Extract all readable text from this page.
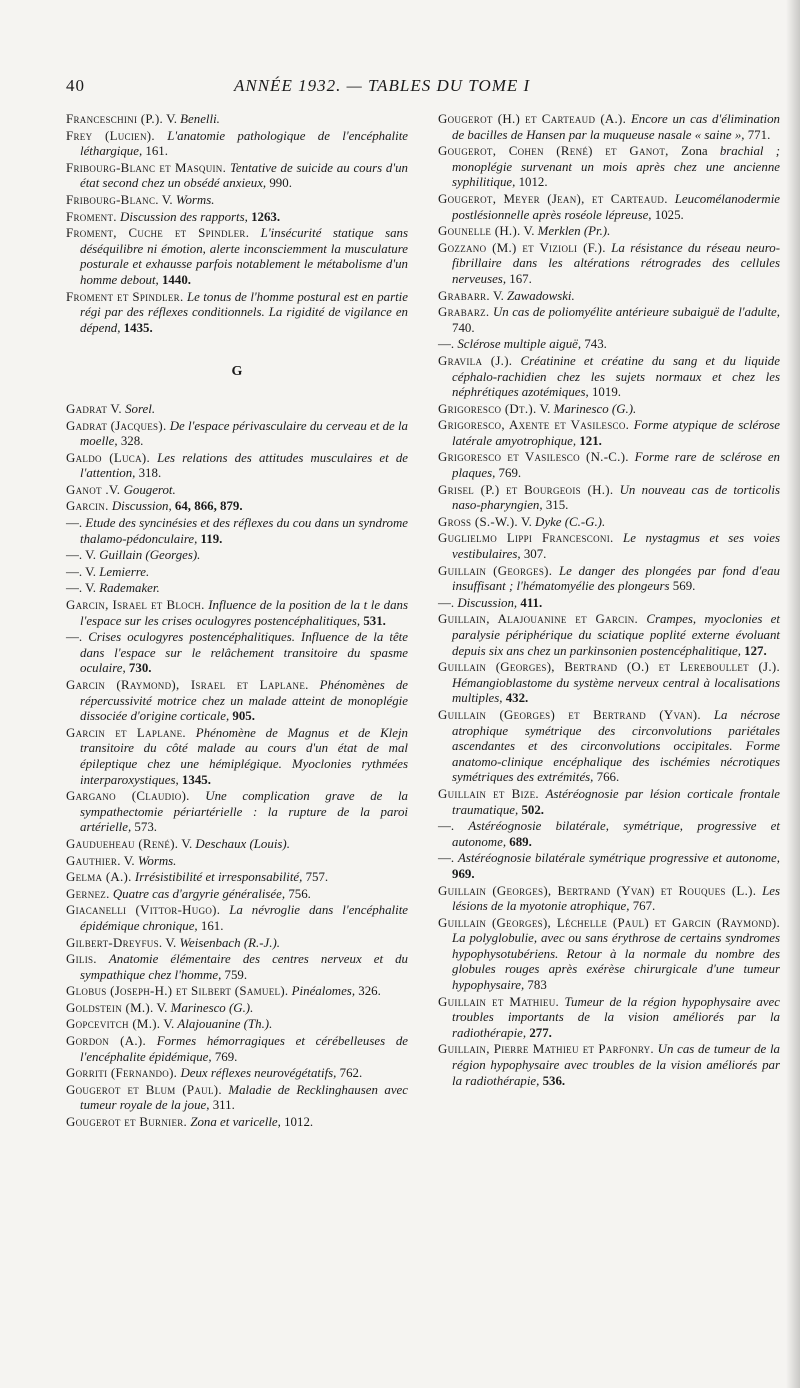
40	ANNÉE 1932. — TABLES DU TOME I

Franceschini (P.). V. Benelli.

Frey (Lucien). L'anatomie pathologique de l'encéphalite léthargique, 161.

Fribourg-Blanc et Masquin. Tentative de suicide au cours d'un état second chez un obsédé anxieux, 990.

Fribourg-Blanc. V. Worms.

Froment. Discussion des rapports, 1263.

Froment, Cuche et Spindler. L'insécurité statique sans déséquilibre ni émotion, alerte inconsciemment la musculature posturale et exhausse parfois notablement le métabolisme d'un homme debout, 1440.

Froment et Spindler. Le tonus de l'homme postural est en partie régi par des réflexes conditionnels. La rigidité de vigilance en dépend, 1435.

G

Gadrat V. Sorel.

Gadrat (Jacques). De l'espace périvasculaire du cerveau et de la moelle, 328.

Galdo (Luca). Les relations des attitudes musculaires et de l'attention, 318.

Ganot .V. Gougerot.

Garcin. Discussion, 64, 866, 879.

—. Etude des syncinésies et des réflexes du cou dans un syndrome thalamo-pédonculaire, 119.

—. V. Guillain (Georges).

—. V. Lemierre.

—. V. Rademaker.

Garcin, Israel et Bloch. Influence de la position de la t le dans l'espace sur les crises oculogyres postencéphalitiques, 531.

—. Crises oculogyres postencéphalitiques. Influence de la tête dans l'espace sur le relâchement transitoire du spasme oculaire, 730.

Garcin (Raymond), Israel et Laplane. Phénomènes de répercussivité motrice chez un malade atteint de monoplégie dissociée d'origine corticale, 905.

Garcin et Laplane. Phénomène de Magnus et de Klejn transitoire du côté malade au cours d'un état de mal épileptique chez une hémiplégique. Myoclonies rythmées interparoxystiques, 1345.

Gargano (Claudio). Une complication grave de la sympathectomie périartérielle : la rupture de la paroi artérielle, 573.

Gaudueheau (René). V. Deschaux (Louis).

Gauthier. V. Worms.

Gelma (A.). Irrésistibilité et irresponsabilité, 757.

Gernez. Quatre cas d'argyrie généralisée, 756.

Giacanelli (Vittor-Hugo). La névroglie dans l'encéphalite épidémique chronique, 161.

Gilbert-Dreyfus. V. Weisenbach (R.-J.).

Gilis. Anatomie élémentaire des centres nerveux et du sympathique chez l'homme, 759.

Globus (Joseph-H.) et Silbert (Samuel). Pinéalomes, 326.

Goldstein (M.). V. Marinesco (G.).

Gopcevitch (M.). V. Alajouanine (Th.).

Gordon (A.). Formes hémorragiques et cérébelleuses de l'encéphalite épidémique, 769.

Gorriti (Fernando). Deux réflexes neurovégétatifs, 762.

Gougerot et Blum (Paul). Maladie de Recklinghausen avec tumeur royale de la joue, 311.

Gougerot et Burnier. Zona et varicelle, 1012.

Gougerot (H.) et Carteaud (A.). Encore un cas d'élimination de bacilles de Hansen par la muqueuse nasale « saine », 771.

Gougerot, Cohen (René) et Ganot, Zona brachial ; monoplégie survenant un mois après chez une ancienne syphilitique, 1012.

Gougerot, Meyer (Jean), et Carteaud. Leucomélanodermie postlésionnelle après roséole lépreuse, 1025.

Gounelle (H.). V. Merklen (Pr.).

Gozzano (M.) et Vizioli (F.). La résistance du réseau neuro-fibrillaire dans les altérations rétrogrades des cellules nerveuses, 167.

Grabarr. V. Zawadowski.

Grabarz. Un cas de poliomyélite antérieure subaiguë de l'adulte, 740.

—. Sclérose multiple aiguë, 743.

Gravila (J.). Créatinine et créatine du sang et du liquide céphalo-rachidien chez les sujets normaux et chez les néphrétiques azotémiques, 1019.

Grigoresco (Dt.). V. Marinesco (G.).

Grigoresco, Axente et Vasilesco. Forme atypique de sclérose latérale amyotrophique, 121.

Grigoresco et Vasilesco (N.-C.). Forme rare de sclérose en plaques, 769.

Grisel (P.) et Bourgeois (H.). Un nouveau cas de torticolis naso-pharyngien, 315.

Gross (S.-W.). V. Dyke (C.-G.).

Guglielmo Lippi Francesconi. Le nystagmus et ses voies vestibulaires, 307.

Guillain (Georges). Le danger des plongées par fond d'eau insuffisant ; l'hématomyélie des plongeurs 569.

—. Discussion, 411.

Guillain, Alajouanine et Garcin. Crampes, myoclonies et paralysie périphérique du sciatique poplité externe évoluant depuis six ans chez un parkinsonien postencéphalitique, 127.

Guillain (Georges), Bertrand (O.) et Lereboullet (J.). Hémangioblastome du système nerveux central à localisations multiples, 432.

Guillain (Georges) et Bertrand (Yvan). La nécrose atrophique symétrique des circonvolutions pariétales ascendantes et des circonvolutions occipitales. Forme anatomo-clinique encéphalique des ischémies nécrotiques symétriques des extrémités, 766.

Guillain et Bize. Astéréognosie par lésion corticale frontale traumatique, 502.

—. Astéréognosie bilatérale, symétrique, progressive et autonome, 689.

—. Astéréognosie bilatérale symétrique progressive et autonome, 969.

Guillain (Georges), Bertrand (Yvan) et Rouques (L.). Les lésions de la myotonie atrophique, 767.

Guillain (Georges), Léchelle (Paul) et Garcin (Raymond). La polyglobulie, avec ou sans érythrose de certains syndromes hypophysotubériens. Retour à la normale du nombre des globules rouges après exérèse chirurgicale d'une tumeur hypophysaire, 783

Guillain et Mathieu. Tumeur de la région hypophysaire avec troubles importants de la vision améliorés par la radiothérapie, 277.

Guillain, Pierre Mathieu et Parfonry. Un cas de tumeur de la région hypophysaire avec troubles de la vision améliorés par la radiothérapie, 536.
